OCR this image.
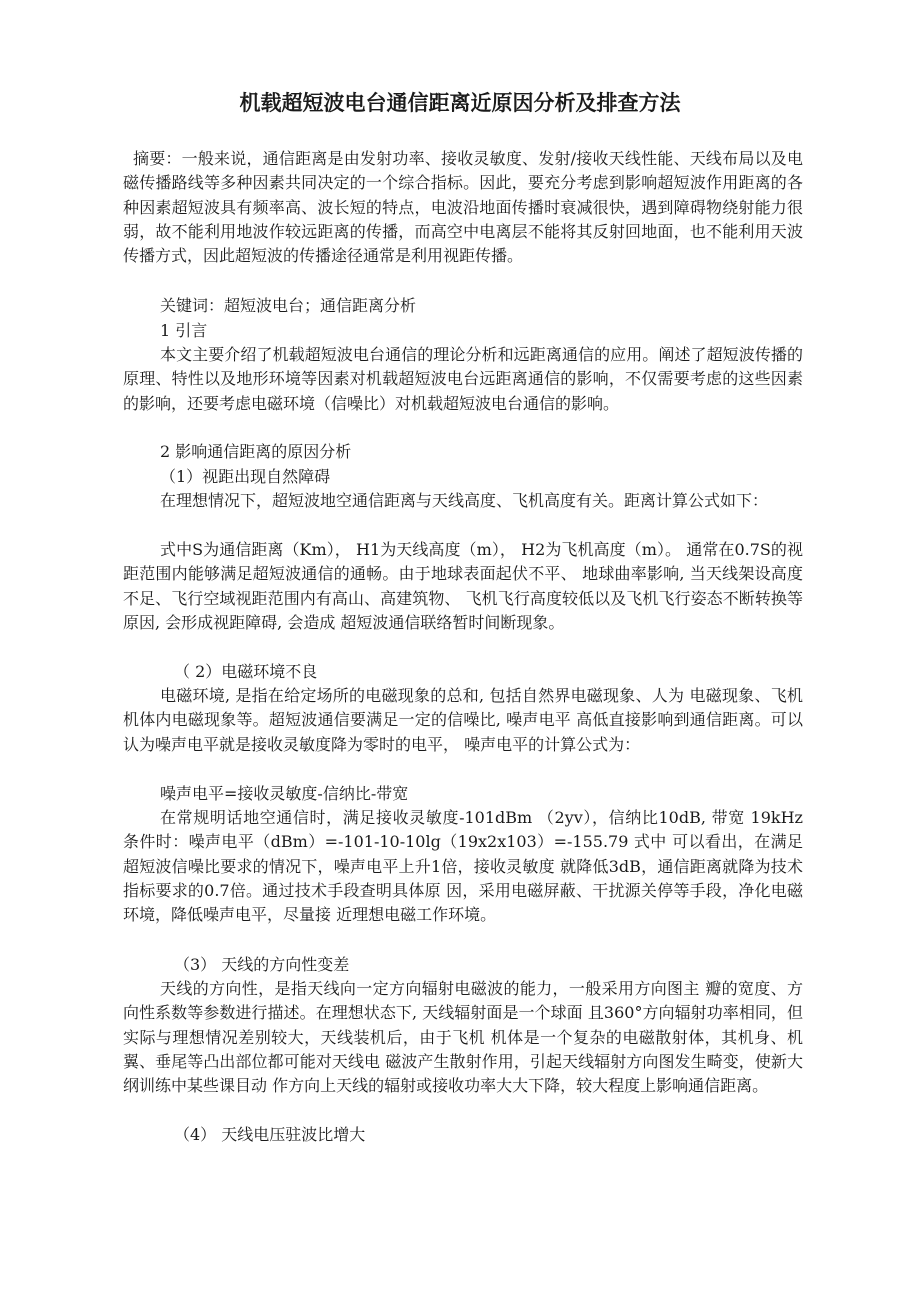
机载超短波电台通信距离近原因分析及排查方法

摘要：一般来说，通信距离是由发射功率、接收灵敏度、发射/接收天线性能、天线布局以及电磁传播路线等多种因素共同决定的一个综合指标。因此，要充分考虑到影响超短波作用距离的各种因素超短波具有频率高、波长短的特点，电波沿地面传播时衰减很快，遇到障碍物绕射能力很弱，故不能利用地波作较远距离的传播，而高空中电离层不能将其反射回地面，也不能利用天波传播方式，因此超短波的传播途径通常是利用视距传播。

关键词：超短波电台；通信距离分析

1 引言

本文主要介绍了机载超短波电台通信的理论分析和远距离通信的应用。阐述了超短波传播的原理、特性以及地形环境等因素对机载超短波电台远距离通信的影响，不仅需要考虑的这些因素的影响，还要考虑电磁环境（信噪比）对机载超短波电台通信的影响。

2 影响通信距离的原因分析

（1）视距出现自然障碍

在理想情况下，超短波地空通信距离与天线高度、飞机高度有关。距离计算公式如下：

式中S为通信距离（Km）， H1为天线高度（m）， H2为飞机高度（m）。 通常在0.7S的视距范围内能够满足超短波通信的通畅。由于地球表面起伏不平、 地球曲率影响, 当天线架设高度不足、飞行空域视距范围内有高山、高建筑物、 飞机飞行高度较低以及飞机飞行姿态不断转换等原因, 会形成视距障碍, 会造成 超短波通信联络暂时间断现象。

（ 2）电磁环境不良

电磁环境, 是指在给定场所的电磁现象的总和, 包括自然界电磁现象、人为 电磁现象、飞机机体内电磁现象等。超短波通信要满足一定的信噪比, 噪声电平 高低直接影响到通信距离。可以认为噪声电平就是接收灵敏度降为零时的电平， 噪声电平的计算公式为：

噪声电平=接收灵敏度-信纳比-带宽

在常规明话地空通信时，满足接收灵敏度-101dBm （2yv），信纳比10dB, 带宽 19kHz 条件时：噪声电平（dBm）=-101-10-10lg（19x2x103）=-155.79 式中 可以看出，在满足超短波信噪比要求的情况下，噪声电平上升1倍，接收灵敏度 就降低3dB，通信距离就降为技术指标要求的0.7倍。通过技术手段查明具体原 因，采用电磁屏蔽、干扰源关停等手段，净化电磁环境，降低噪声电平，尽量接 近理想电磁工作环境。

（3） 天线的方向性变差

天线的方向性，是指天线向一定方向辐射电磁波的能力，一般采用方向图主 瓣的宽度、方向性系数等参数进行描述。在理想状态下, 天线辐射面是一个球面 且360°方向辐射功率相同，但实际与理想情况差别较大，天线装机后，由于飞机 机体是一个复杂的电磁散射体，其机身、机翼、垂尾等凸出部位都可能对天线电 磁波产生散射作用，引起天线辐射方向图发生畸变，使新大纲训练中某些课目动 作方向上天线的辐射或接收功率大大下降，较大程度上影响通信距离。

（4） 天线电压驻波比增大
